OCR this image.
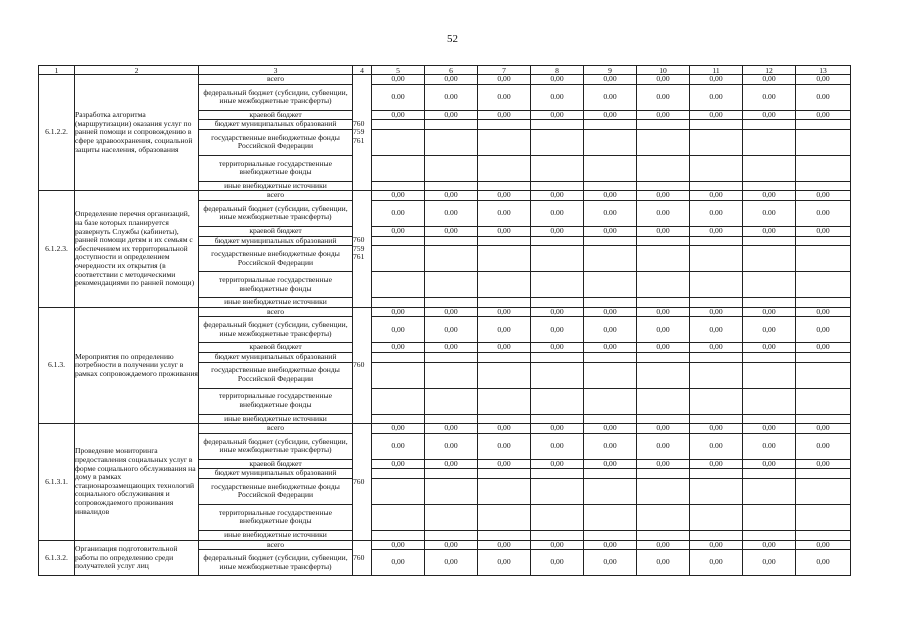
52
1	2	3	4	5	6	7	8	9	10	11	12	13
6.1.2.2.	Разработка алгоритма (маршрутизации) оказания услуг по ранней помощи и сопровождению в сфере здравоохранения, социальной защиты населения, образования	всего	760 759 761	0,00	0,00	0,00	0,00	0,00	0,00	0,00	0,00	0,00
		федеральный бюджет (субсидии, субвенции, иные межбюджетные трансферты)		0.00	0.00	0.00	0.00	0.00	0.00	0.00	0.00	0.00
		краевой бюджет		0,00	0,00	0,00	0,00	0,00	0,00	0,00	0,00	0,00
		бюджет муниципальных образований										
		государственные внебюджетные фонды Российской Федерации										
		территориальные государственные внебюджетные фонды										
		иные внебюджетные источники										
6.1.2.3.	Определение перечня организаций, на базе которых планируется развернуть Службы (кабинеты), ранней помощи детям и их семьям с обеспечением их территориальной доступности и определением очередности их открытия (в соответствии с методическими рекомендациями по ранней помощи)	всего	760 759 761	0,00	0,00	0,00	0,00	0,00	0,00	0,00	0,00	0,00
		федеральный бюджет (субсидии, субвенции, иные межбюджетные трансферты)		0.00	0.00	0.00	0.00	0.00	0.00	0.00	0.00	0.00
		краевой бюджет		0,00	0,00	0,00	0,00	0,00	0,00	0,00	0,00	0,00
		бюджет муниципальных образований										
		государственные внебюджетные фонды Российской Федерации										
		территориальные государственные внебюджетные фонды										
		иные внебюджетные источники										
6.1.3.	Мероприятия по определению потребности в получении услуг в рамках сопровождаемого проживания	всего	760	0,00	0,00	0,00	0,00	0,00	0,00	0,00	0,00	0,00
		федеральный бюджет (субсидии, субвенции, иные межбюджетные трансферты)		0,00	0,00	0,00	0,00	0,00	0,00	0,00	0,00	0,00
		краевой бюджет		0,00	0,00	0,00	0,00	0,00	0,00	0,00	0,00	0,00
		бюджет муниципальных образований										
		государственные внебюджетные фонды Российской Федерации										
		территориальные государственные внебюджетные фонды										
		иные внебюджетные источники										
6.1.3.1.	Проведение мониторинга предоставления социальных услуг в форме социального обслуживания на дому в рамках стационарозамещающих технологий социального обслуживания и сопровождаемого проживания инвалидов	всего	760	0,00	0,00	0,00	0,00	0,00	0,00	0,00	0,00	0,00
		федеральный бюджет (субсидии, субвенции, иные межбюджетные трансферты)		0.00	0.00	0.00	0.00	0.00	0.00	0.00	0.00	0.00
		краевой бюджет		0,00	0,00	0,00	0,00	0,00	0,00	0,00	0,00	0,00
		бюджет муниципальных образований										
		государственные внебюджетные фонды Российской Федерации										
		территориальные государственные внебюджетные фонды										
		иные внебюджетные источники										
6.1.3.2.	Организация подготовительной работы по определению среди получателей услуг лиц	всего	760	0,00	0,00	0,00	0,00	0,00	0,00	0,00	0,00	0,00
		федеральный бюджет (субсидии, субвенции, иные межбюджетные трансферты)		0,00	0,00	0,00	0,00	0,00	0,00	0,00	0,00	0,00
